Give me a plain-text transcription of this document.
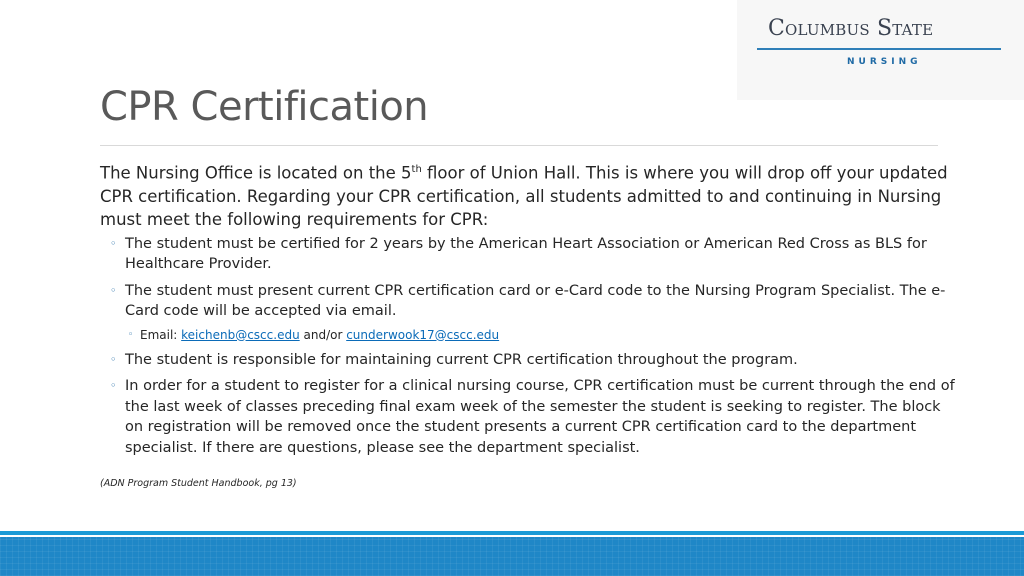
Columbus State
NURSING
CPR Certification

The Nursing Office is located on the 5th floor of Union Hall. This is where you will drop off your updated CPR certification. Regarding your CPR certification, all students admitted to and continuing in Nursing must meet the following requirements for CPR:

◦ The student must be certified for 2 years by the American Heart Association or American Red Cross as BLS for Healthcare Provider.
◦ The student must present current CPR certification card or e-Card code to the Nursing Program Specialist. The e-Card code will be accepted via email.
◦ Email: keichenb@cscc.edu and/or cunderwook17@cscc.edu
◦ The student is responsible for maintaining current CPR certification throughout the program.
◦ In order for a student to register for a clinical nursing course, CPR certification must be current through the end of the last week of classes preceding final exam week of the semester the student is seeking to register. The block on registration will be removed once the student presents a current CPR certification card to the department specialist. If there are questions, please see the department specialist.
(ADN Program Student Handbook, pg 13)
